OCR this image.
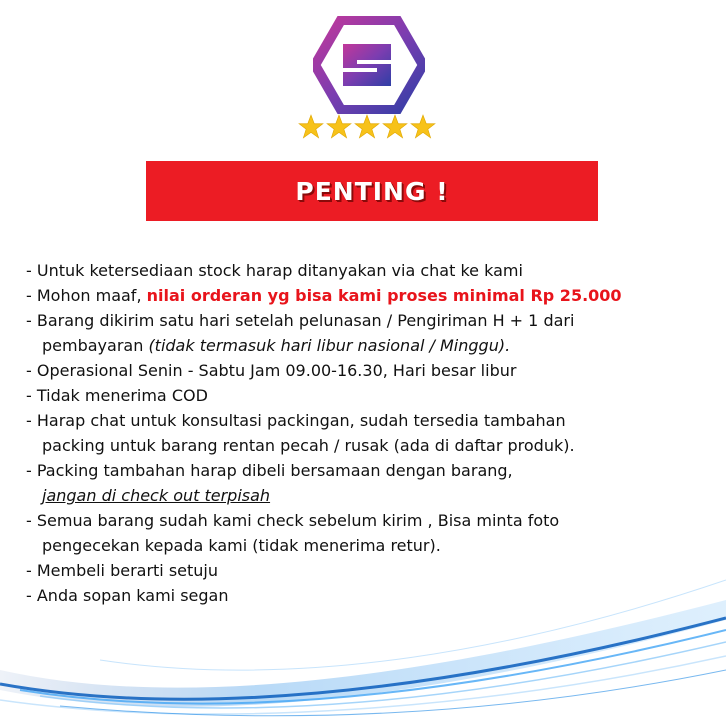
PENTING !
- Untuk ketersediaan stock harap ditanyakan via chat ke kami
- Mohon maaf, nilai orderan yg bisa kami proses minimal Rp 25.000
- Barang dikirim satu hari setelah pelunasan / Pengiriman H + 1 dari
pembayaran (tidak termasuk hari libur nasional / Minggu).
- Operasional Senin - Sabtu Jam 09.00-16.30, Hari besar libur
- Tidak menerima COD
- Harap chat untuk konsultasi packingan, sudah tersedia tambahan
packing untuk barang rentan pecah / rusak (ada di daftar produk).
- Packing tambahan harap dibeli bersamaan dengan barang,
jangan di check out terpisah
- Semua barang sudah kami check sebelum kirim , Bisa minta foto
pengecekan kepada kami (tidak menerima retur).
- Membeli berarti setuju
- Anda sopan kami segan
